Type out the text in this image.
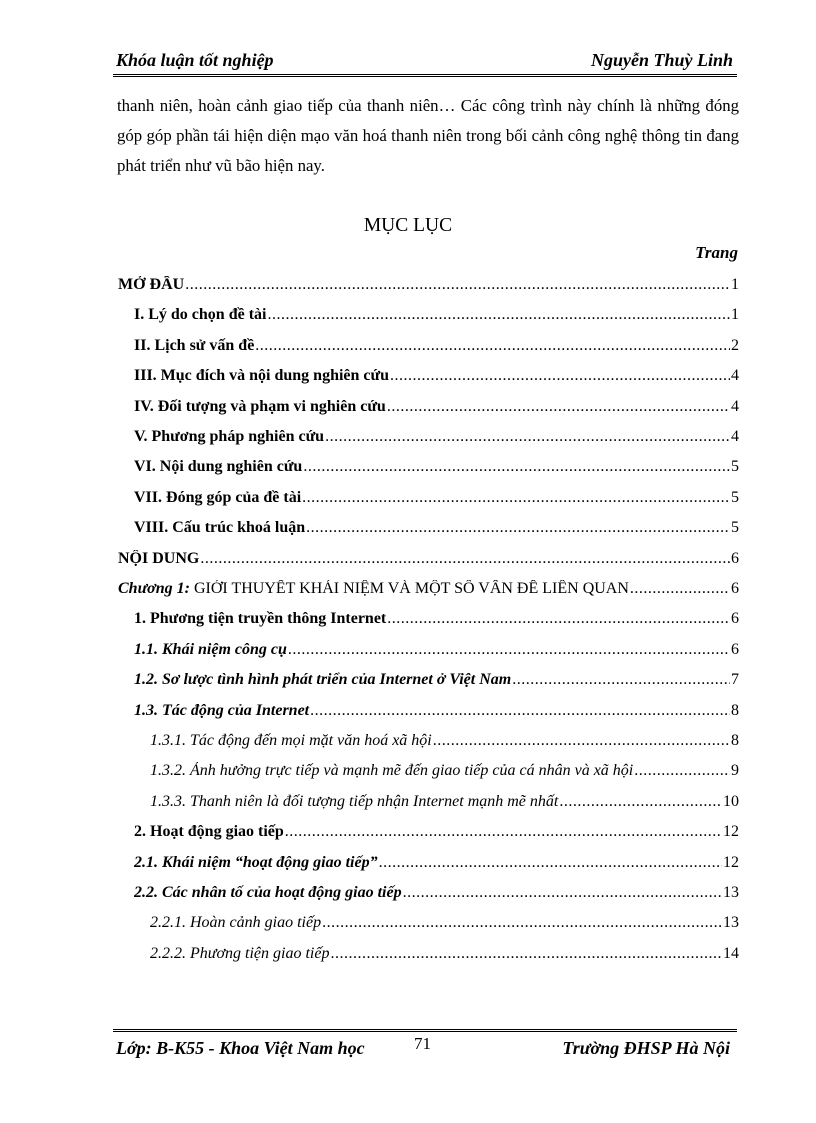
Khóa luận tốt nghiệp	Nguyễn Thuỳ Linh

thanh niên, hoàn cảnh giao tiếp của thanh niên… Các công trình này chính là những đóng góp góp phần tái hiện diện mạo văn hoá thanh niên trong bối cảnh công nghệ thông tin đang phát triển như vũ bão hiện nay.

MỤC LỤC
Trang
MỞ ĐẦU .....	1
I. Lý do chọn đề tài .....	1
II. Lịch sử vấn đề .....	2
III. Mục đích và nội dung nghiên cứu .....	4
IV. Đối tượng và phạm vi nghiên cứu .....	4
V. Phương pháp nghiên cứu .....	4
VI. Nội dung nghiên cứu .....	5
VII. Đóng góp của đề tài .....	5
VIII. Cấu trúc khoá luận .....	5
NỘI DUNG .....	6
Chương 1: GIỚI THUYẾT KHÁI NIỆM VÀ MỘT SỐ VẤN ĐỀ LIÊN QUAN .....	6
1. Phương tiện truyền thông Internet .....	6
1.1. Khái niệm công cụ .....	6
1.2. Sơ lược tình hình phát triển của Internet ở Việt Nam .....	7
1.3. Tác động của Internet .....	8
1.3.1. Tác động đến mọi mặt văn hoá xã hội .....	8
1.3.2. Ảnh hưởng trực tiếp và mạnh mẽ đến giao tiếp của cá nhân và xã hội .....	9
1.3.3. Thanh niên là đối tượng tiếp nhận Internet mạnh mẽ nhất .....	10
2. Hoạt động giao tiếp .....	12
2.1. Khái niệm “hoạt động giao tiếp” .....	12
2.2. Các nhân tố của hoạt động giao tiếp .....	13
2.2.1. Hoàn cảnh giao tiếp .....	13
2.2.2. Phương tiện giao tiếp .....	14
Lớp: B-K55 - Khoa Việt Nam học	71	Trường ĐHSP Hà Nội
